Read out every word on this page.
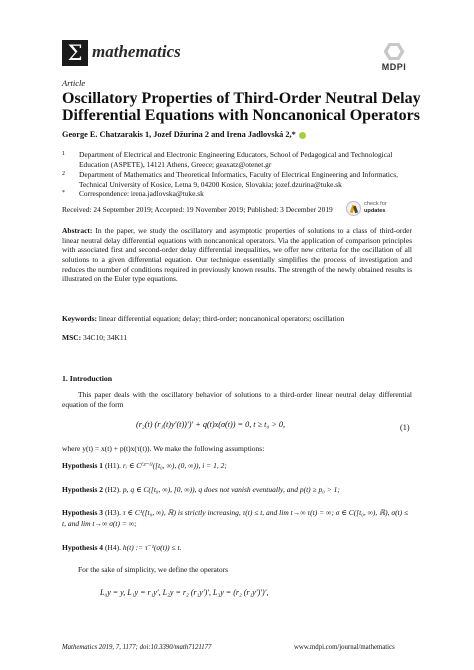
Σ mathematics
MDPI
Article
Oscillatory Properties of Third-Order Neutral Delay Differential Equations with Noncanonical Operators
George E. Chatzarakis 1, Jozef Džurina 2 and Irena Jadlovská 2,*
1 Department of Electrical and Electronic Engineering Educators, School of Pedagogical and Technological Education (ASPETE), 14121 Athens, Greece; geaxatz@otenet.gr
2 Department of Mathematics and Theoretical Informatics, Faculty of Electrical Engineering and Informatics, Technical University of Kosice, Letna 9, 04200 Kosice, Slovakia; jozef.dzurina@tuke.sk
* Correspondence: irena.jadlovska@tuke.sk
Received: 24 September 2019; Accepted: 19 November 2019; Published: 3 December 2019
check for
updates
Abstract: In the paper, we study the oscillatory and asymptotic properties of solutions to a class of third-order linear neutral delay differential equations with noncanonical operators. Via the application of comparison principles with associated first and second-order delay differential inequalities, we offer new criteria for the oscillation of all solutions to a given differential equation. Our technique essentially simplifies the process of investigation and reduces the number of conditions required in previously known results. The strength of the newly obtained results is illustrated on the Euler type equations.
Keywords: linear differential equation; delay; third-order; noncanonical operators; oscillation
MSC: 34C10; 34K11
1. Introduction
This paper deals with the oscillatory behavior of solutions to a third-order linear neutral delay differential equation of the form
(r₂(t) (r₁(t)y′(t))′)′ + q(t)x(σ(t)) = 0, t ≥ t₀ > 0,	(1)
where y(t) = x(t) + p(t)x(τ(t)). We make the following assumptions:
Hypothesis 1 (H1). rᵢ ∈ C⁽³⁻ⁱ⁾([t₀, ∞), (0, ∞)), i = 1, 2;
Hypothesis 2 (H2). p, q ∈ C([t₀, ∞), [0, ∞)), q does not vanish eventually, and p(t) ≥ p₀ > 1;
Hypothesis 3 (H3). τ ∈ C¹([t₀, ∞), ℝ) is strictly increasing, τ(t) ≤ t, and lim t→∞ τ(t) = ∞; σ ∈ C([t₀, ∞), ℝ), σ(t) ≤ t, and lim t→∞ σ(t) = ∞;
Hypothesis 4 (H4). h(t) := τ⁻¹(σ(t)) ≤ t.
For the sake of simplicity, we define the operators
L₀y = y, L₁y = r₁y′, L₂y = r₂ (r₁y′)′, L₃y = (r₂ (r₁y′)′)′,
Mathematics 2019, 7, 1177; doi:10.3390/math7121177	www.mdpi.com/journal/mathematics
